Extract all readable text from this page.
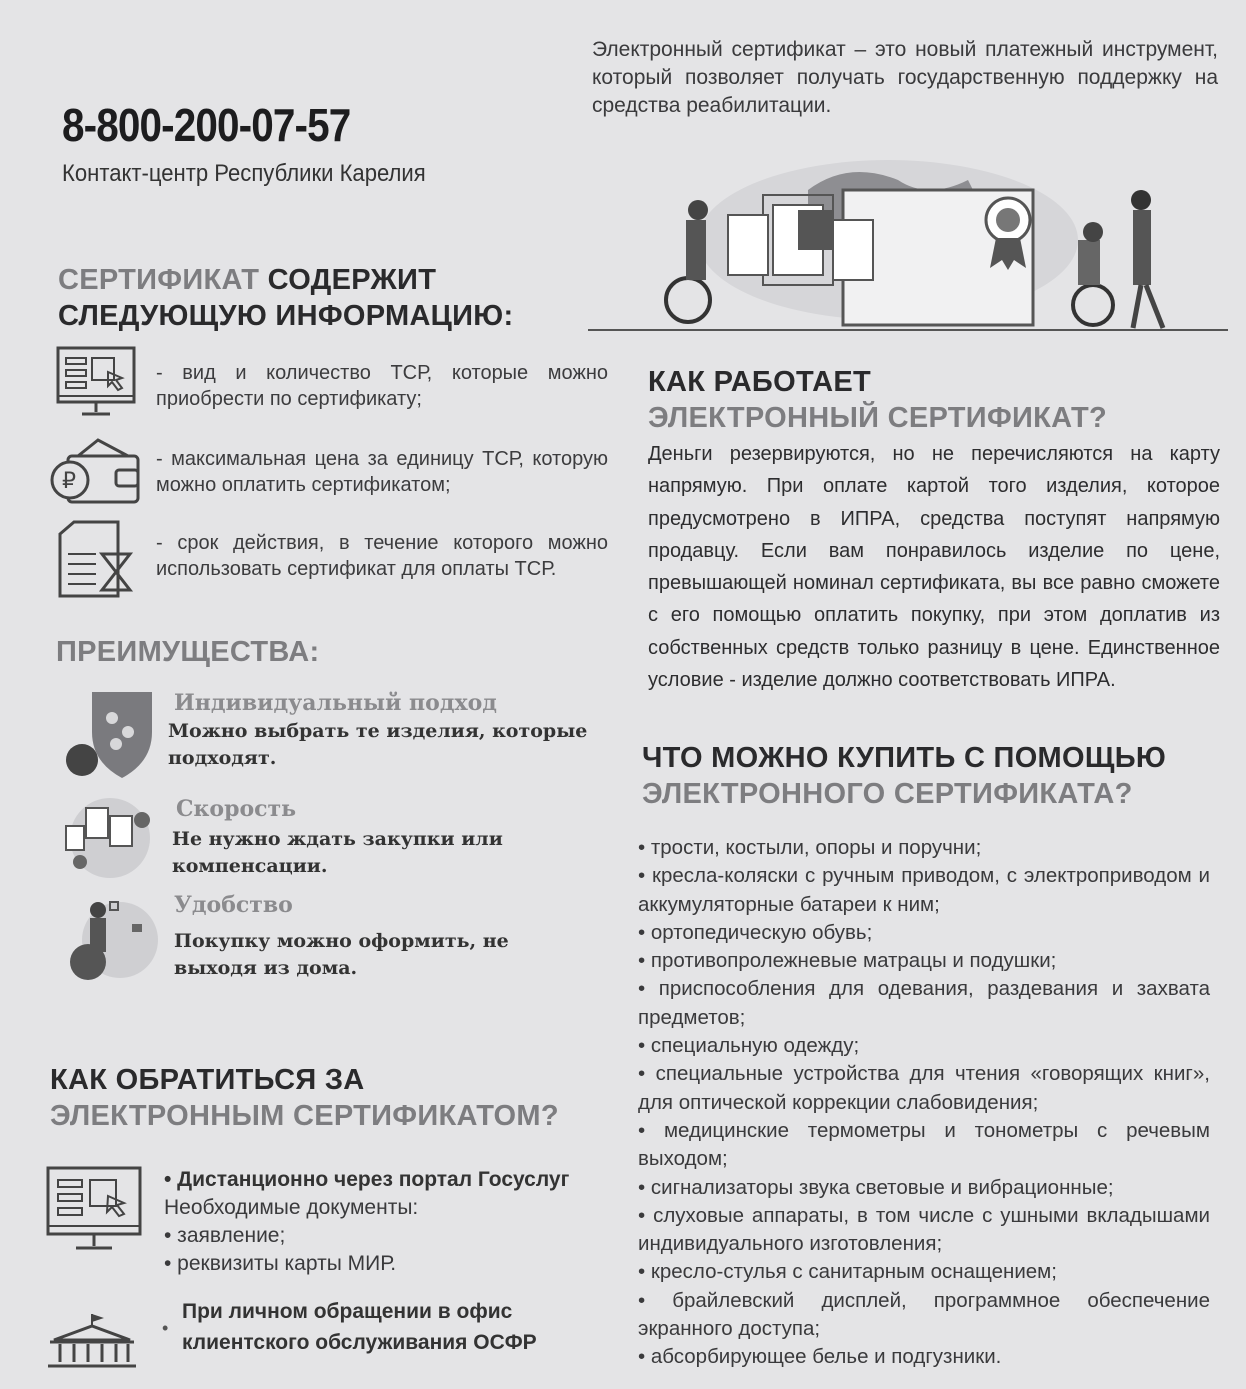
8-800-200-07-57
Контакт-центр Республики Карелия
Электронный сертификат – это новый платежный инструмент, который позволяет получать государственную поддержку на средства реабилитации.
СЕРТИФИКАТ СОДЕРЖИТ
СЛЕДУЮЩУЮ ИНФОРМАЦИЮ:
- вид и количество ТСР, которые можно приобрести по сертификату;
₽
- максимальная цена за единицу ТСР, которую можно оплатить сертификатом;
- срок действия, в течение которого можно использовать сертификат для оплаты ТСР.
ПРЕИМУЩЕСТВА:
Индивидуальный подход
Можно выбрать те изделия, которые подходят.
Скорость
Не нужно ждать закупки или компенсации.
Удобство
Покупку можно оформить, не выходя из дома.
КАК ОБРАТИТЬСЯ ЗА
ЭЛЕКТРОННЫМ СЕРТИФИКАТОМ?
• Дистанционно через портал Госуслуг
Необходимые документы:
• заявление;
• реквизиты карты МИР.
•
При личном обращении в офис клиентского обслуживания ОСФР
КАК РАБОТАЕТ
ЭЛЕКТРОННЫЙ СЕРТИФИКАТ?
Деньги резервируются, но не перечисляются на карту напрямую. При оплате картой того изделия, которое предусмотрено в ИПРА, средства поступят напрямую продавцу. Если вам понравилось изделие по цене, превышающей номинал сертификата, вы все равно сможете с его помощью оплатить покупку, при этом доплатив из собственных средств только разницу в цене. Единственное условие - изделие должно соответствовать ИПРА.
ЧТО МОЖНО КУПИТЬ С ПОМОЩЬЮ
ЭЛЕКТРОННОГО СЕРТИФИКАТА?
• трости, костыли, опоры и поручни;
• кресла-коляски с ручным приводом, с электроприводом и аккумуляторные батареи к ним;
• ортопедическую обувь;
• противопролежневые матрацы и подушки;
• приспособления для одевания, раздевания и захвата предметов;
• специальную одежду;
• специальные устройства для чтения «говорящих книг», для оптической коррекции слабовидения;
• медицинские термометры и тонометры с речевым выходом;
• сигнализаторы звука световые и вибрационные;
• слуховые аппараты, в том числе с ушными вкладышами индивидуального изготовления;
• кресло-стулья с санитарным оснащением;
• брайлевский дисплей, программное обеспечение экранного доступа;
• абсорбирующее белье и подгузники.
